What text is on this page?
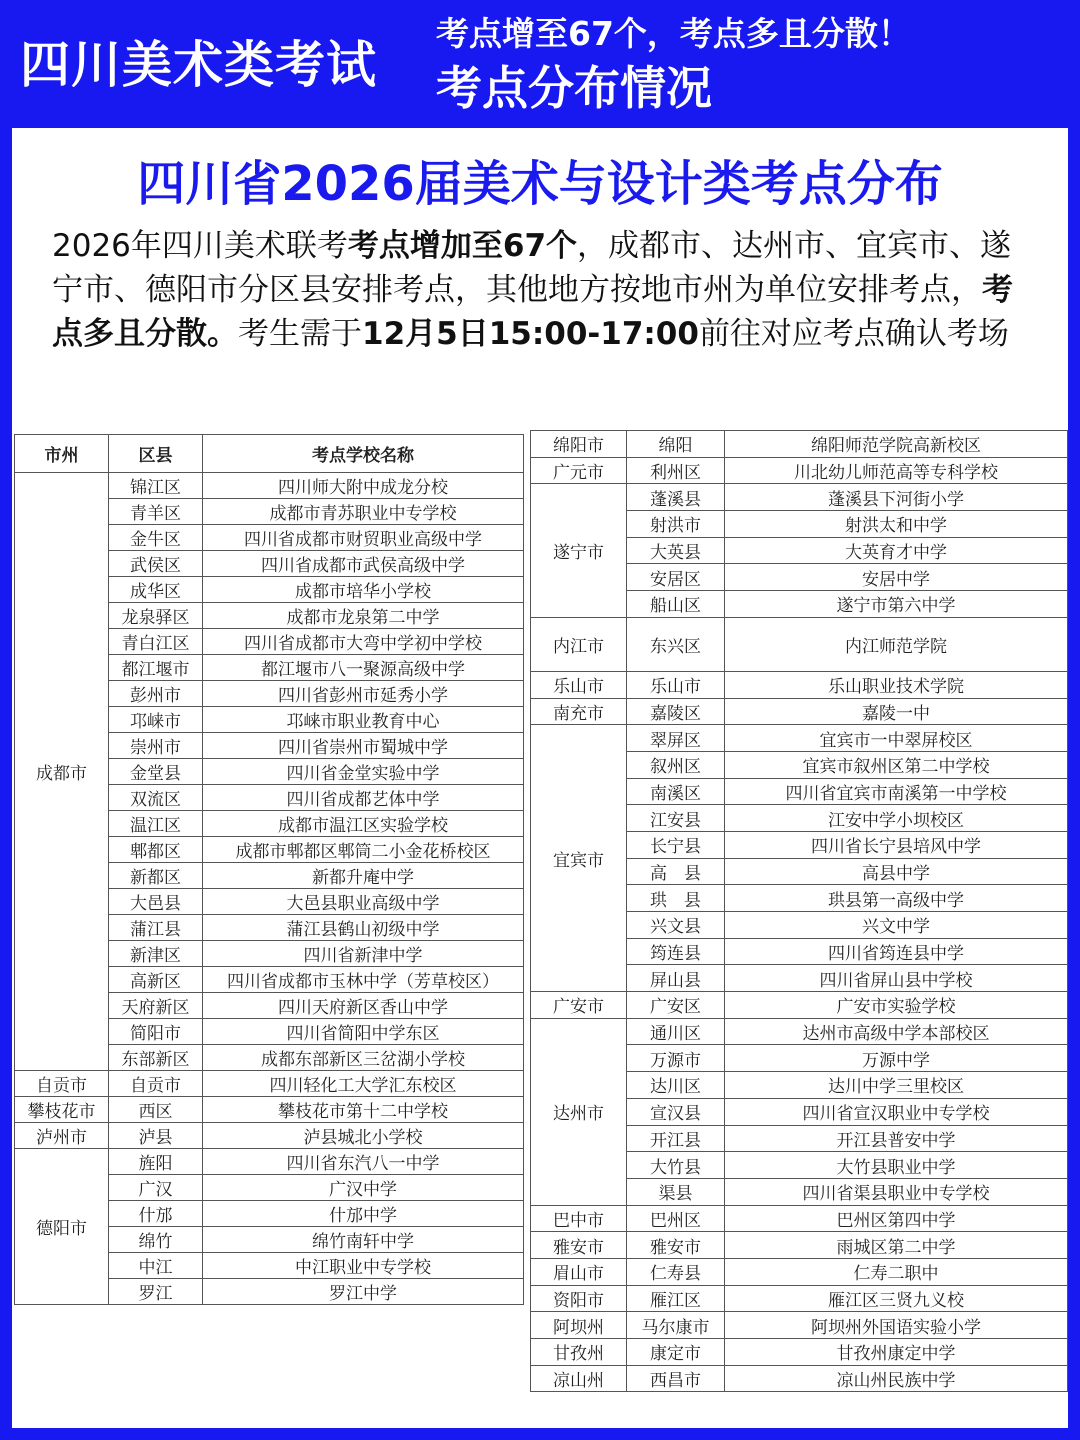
四川美术类考试
考点增至67个，考点多且分散！
考点分布情况
四川省2026届美术与设计类考点分布
2026年四川美术联考考点增加至67个，成都市、达州市、宜宾市、遂宁市、德阳市分区县安排考点，其他地方按地市州为单位安排考点，考点多且分散。考生需于12月5日15:00-17:00前往对应考点确认考场
市州	区县	考点学校名称
成都市	锦江区	四川师大附中成龙分校
	青羊区	成都市青苏职业中专学校
	金牛区	四川省成都市财贸职业高级中学
	武侯区	四川省成都市武侯高级中学
	成华区	成都市培华小学校
	龙泉驿区	成都市龙泉第二中学
	青白江区	四川省成都市大弯中学初中学校
	都江堰市	都江堰市八一聚源高级中学
	彭州市	四川省彭州市延秀小学
	邛崃市	邛崃市职业教育中心
	崇州市	四川省崇州市蜀城中学
	金堂县	四川省金堂实验中学
	双流区	四川省成都艺体中学
	温江区	成都市温江区实验学校
	郫都区	成都市郫都区郫筒二小金花桥校区
	新都区	新都升庵中学
	大邑县	大邑县职业高级中学
	蒲江县	蒲江县鹤山初级中学
	新津区	四川省新津中学
	高新区	四川省成都市玉林中学（芳草校区）
	天府新区	四川天府新区香山中学
	简阳市	四川省简阳中学东区
	东部新区	成都东部新区三岔湖小学校
自贡市	自贡市	四川轻化工大学汇东校区
攀枝花市	西区	攀枝花市第十二中学校
泸州市	泸县	泸县城北小学校
德阳市	旌阳	四川省东汽八一中学
	广汉	广汉中学
	什邡	什邡中学
	绵竹	绵竹南轩中学
	中江	中江职业中专学校
	罗江	罗江中学
绵阳市	绵阳	绵阳师范学院高新校区
广元市	利州区	川北幼儿师范高等专科学校
遂宁市	蓬溪县	蓬溪县下河街小学
	射洪市	射洪太和中学
	大英县	大英育才中学
	安居区	安居中学
	船山区	遂宁市第六中学
内江市	东兴区	内江师范学院
乐山市	乐山市	乐山职业技术学院
南充市	嘉陵区	嘉陵一中
宜宾市	翠屏区	宜宾市一中翠屏校区
	叙州区	宜宾市叙州区第二中学校
	南溪区	四川省宜宾市南溪第一中学校
	江安县	江安中学小坝校区
	长宁县	四川省长宁县培风中学
	高　县	高县中学
	珙　县	珙县第一高级中学
	兴文县	兴文中学
	筠连县	四川省筠连县中学
	屏山县	四川省屏山县中学校
广安市	广安区	广安市实验学校
达州市	通川区	达州市高级中学本部校区
	万源市	万源中学
	达川区	达川中学三里校区
	宣汉县	四川省宣汉职业中专学校
	开江县	开江县普安中学
	大竹县	大竹县职业中学
	渠县	四川省渠县职业中专学校
巴中市	巴州区	巴州区第四中学
雅安市	雅安市	雨城区第二中学
眉山市	仁寿县	仁寿二职中
资阳市	雁江区	雁江区三贤九义校
阿坝州	马尔康市	阿坝州外国语实验小学
甘孜州	康定市	甘孜州康定中学
凉山州	西昌市	凉山州民族中学
